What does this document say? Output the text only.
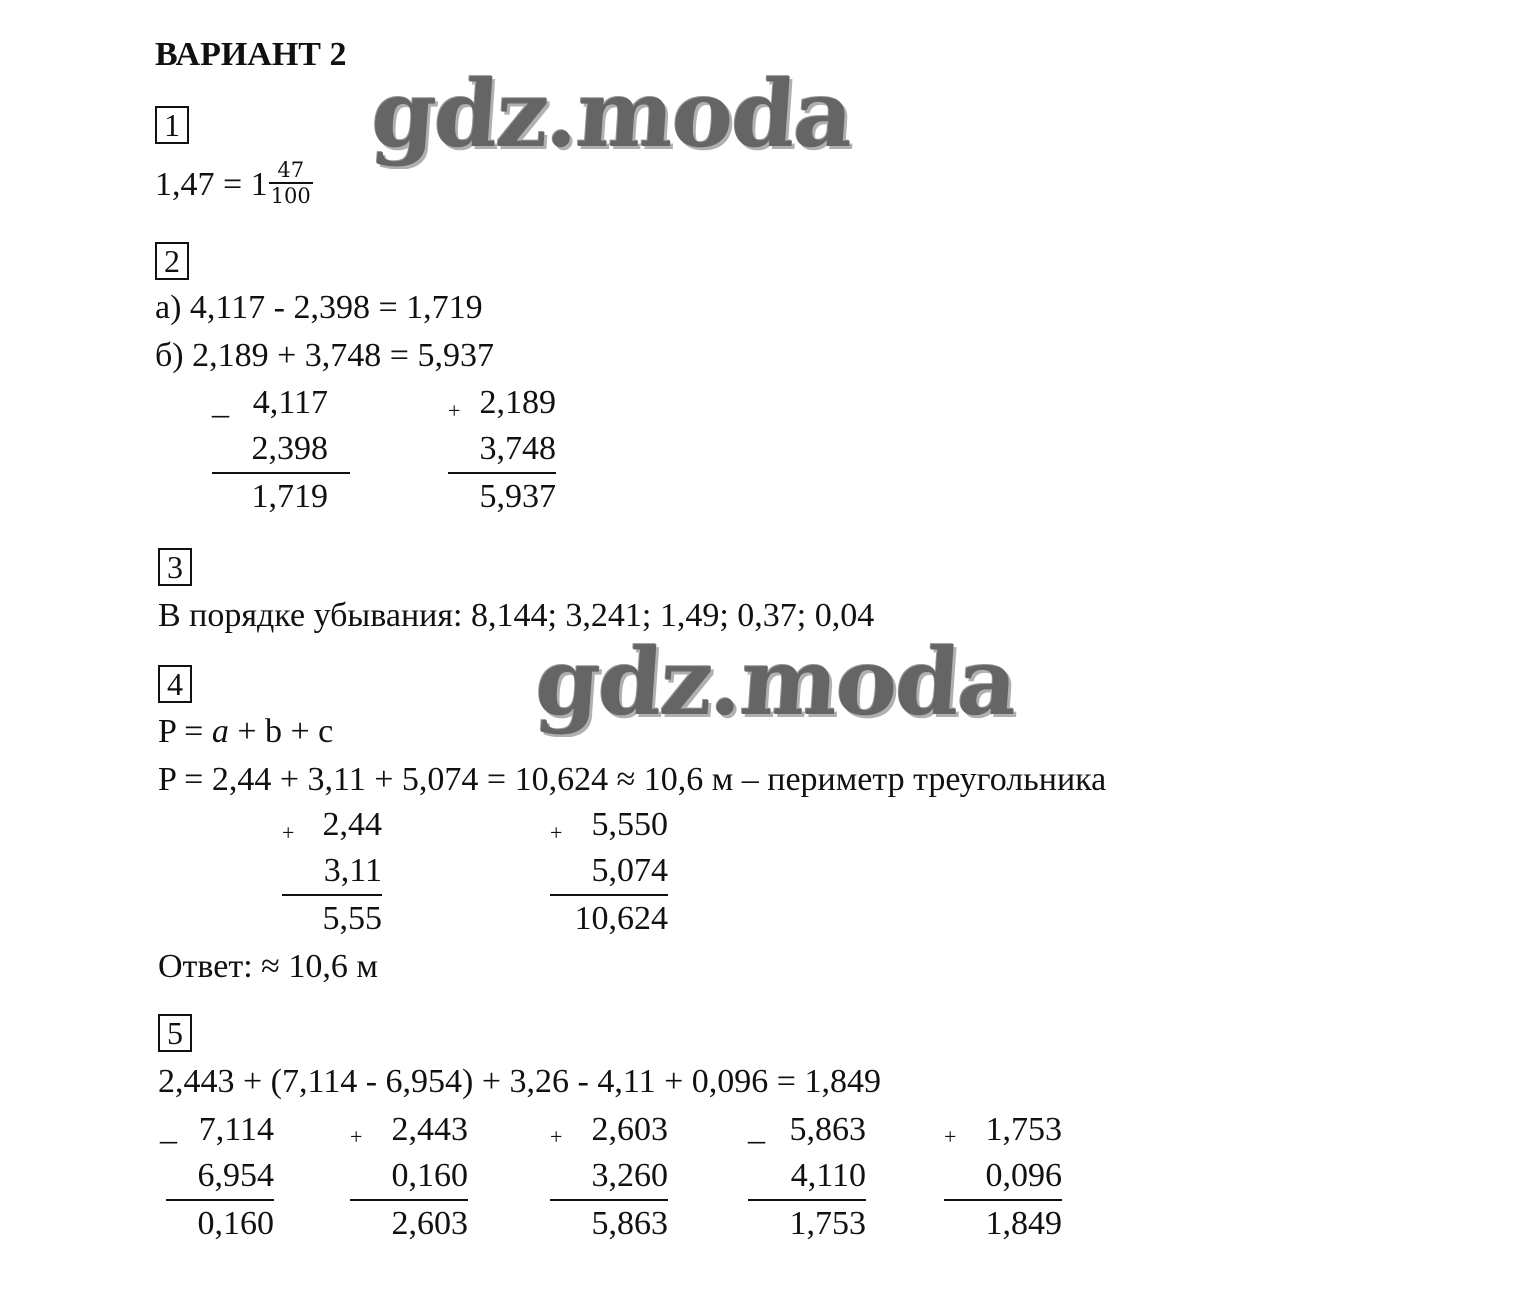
ВАРИАНТ 2
gdz.moda
gdz.moda
1
$1,47 = 1 \frac{47}{100}$
2
а) 4,117 - 2,398 = 1,719
б) 2,189 + 3,748 = 5,937
_ 4,117
2,398
1,719
+ 2,189
3,748
5,937
3
В порядке убывания: 8,144; 3,241; 1,49; 0,37; 0,04
4
P = a + b + c
P = 2,44 + 3,11 + 5,074 = 10,624 ≈ 10,6 м – периметр треугольника
+ 2,44
3,11
5,55
+ 5,550
5,074
10,624
Ответ: ≈ 10,6 м
5
2,443 + (7,114 - 6,954) + 3,26 - 4,11 + 0,096 = 1,849
_ 7,114
6,954
0,160
+ 2,443
0,160
2,603
+ 2,603
3,260
5,863
_ 5,863
4,110
1,753
+ 1,753
0,096
1,849
